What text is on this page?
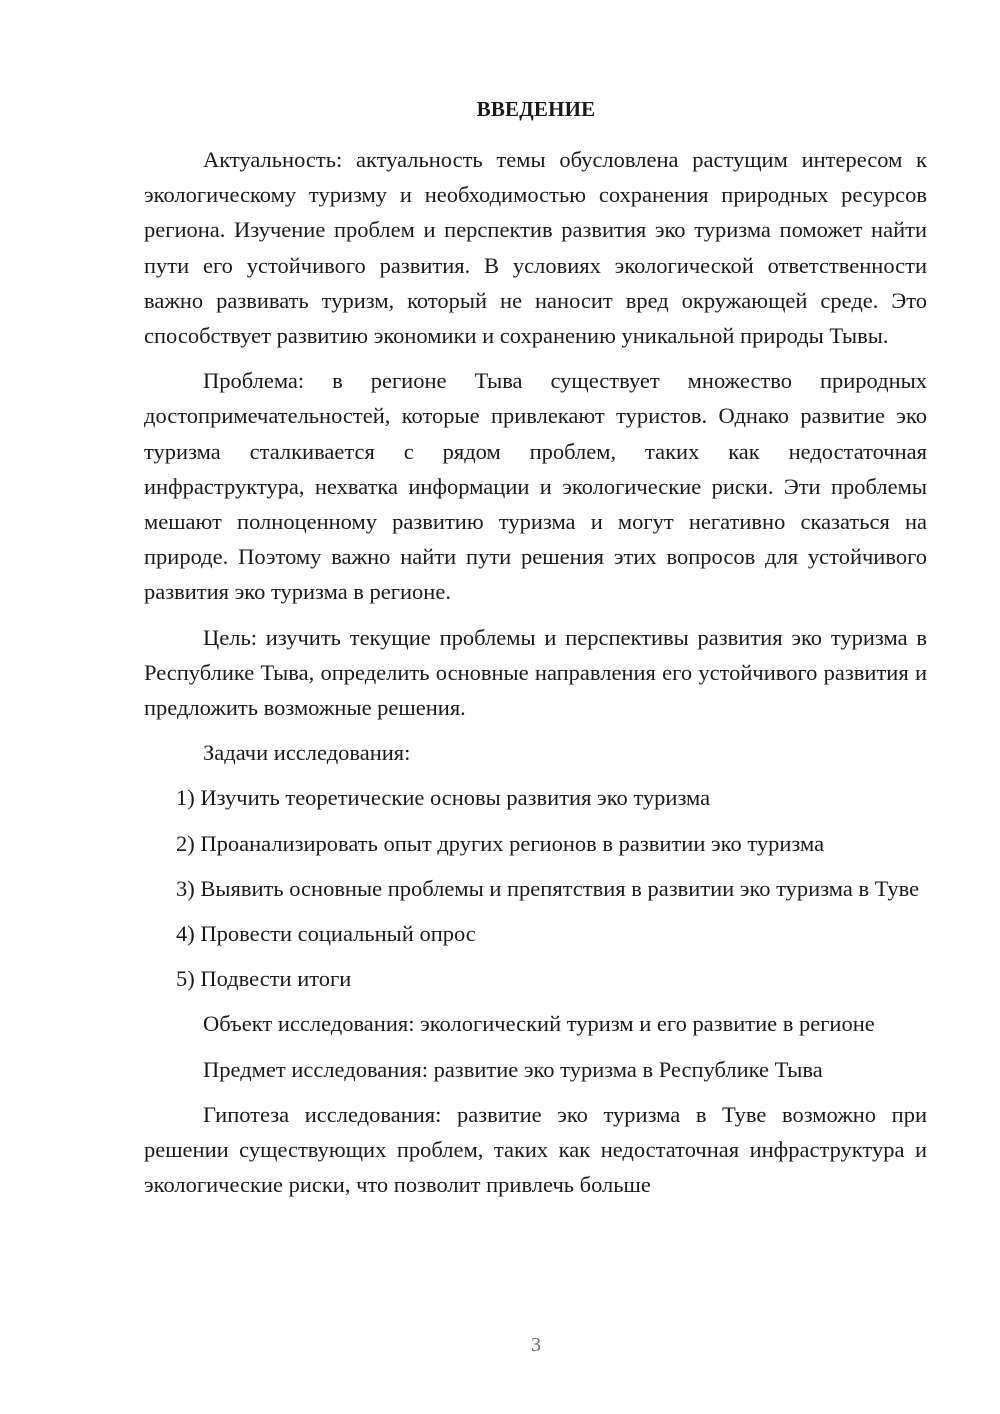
ВВЕДЕНИЕ

Актуальность: актуальность темы обусловлена растущим интересом к экологическому туризму и необходимостью сохранения природных ресурсов региона. Изучение проблем и перспектив развития эко туризма поможет найти пути его устойчивого развития. В условиях экологической ответственности важно развивать туризм, который не наносит вред окружающей среде. Это способствует развитию экономики и сохранению уникальной природы Тывы.

Проблема: в регионе Тыва существует множество природных достопримечательностей, которые привлекают туристов. Однако развитие эко туризма сталкивается с рядом проблем, таких как недостаточная инфраструктура, нехватка информации и экологические риски. Эти проблемы мешают полноценному развитию туризма и могут негативно сказаться на природе. Поэтому важно найти пути решения этих вопросов для устойчивого развития эко туризма в регионе.

Цель: изучить текущие проблемы и перспективы развития эко туризма в Республике Тыва, определить основные направления его устойчивого развития и предложить возможные решения.

Задачи исследования:

1) Изучить теоретические основы развития эко туризма

2) Проанализировать опыт других регионов в развитии эко туризма

3) Выявить основные проблемы и препятствия в развитии эко туризма в Туве

4) Провести социальный опрос

5) Подвести итоги

Объект исследования: экологический туризм и его развитие в регионе

Предмет исследования: развитие эко туризма в Республике Тыва

Гипотеза исследования: развитие эко туризма в Туве возможно при решении существующих проблем, таких как недостаточная инфраструктура и экологические риски, что позволит привлечь больше

3
